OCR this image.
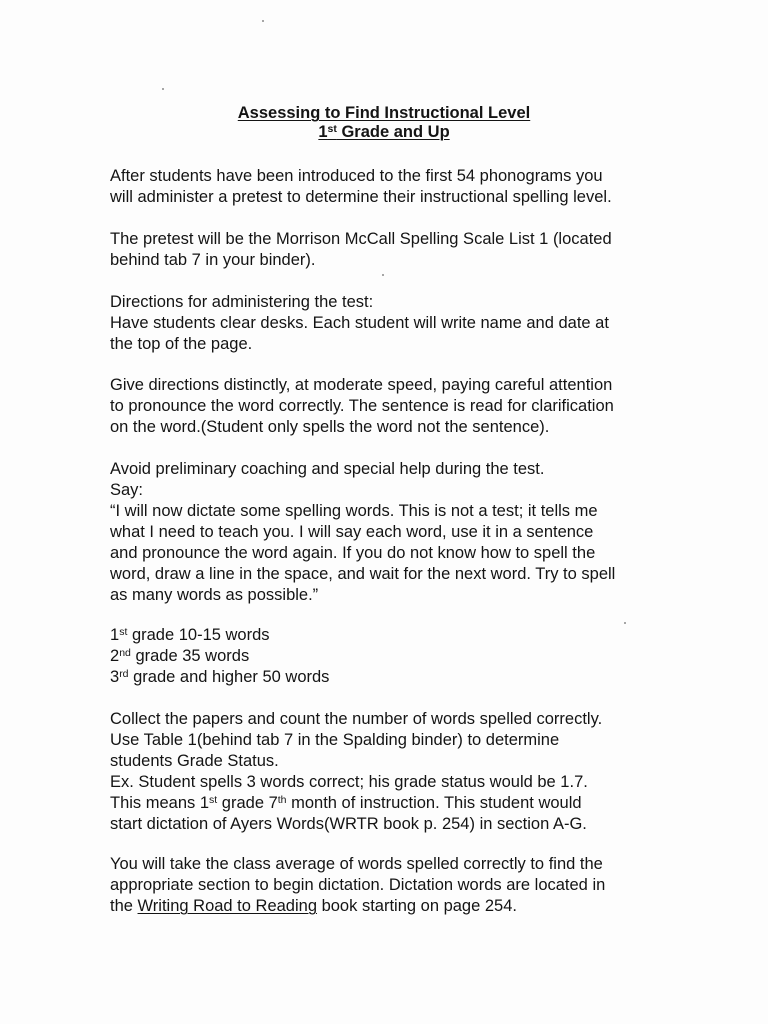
Assessing to Find Instructional Level
1st Grade and Up
After students have been introduced to the first 54 phonograms you
will administer a pretest to determine their instructional spelling level.
The pretest will be the Morrison McCall Spelling Scale List 1 (located
behind tab 7 in your binder).
Directions for administering the test:
Have students clear desks. Each student will write name and date at
the top of the page.
Give directions distinctly, at moderate speed, paying careful attention
to pronounce the word correctly. The sentence is read for clarification
on the word.(Student only spells the word not the sentence).
Avoid preliminary coaching and special help during the test.
Say:
“I will now dictate some spelling words. This is not a test; it tells me
what I need to teach you. I will say each word, use it in a sentence
and pronounce the word again. If you do not know how to spell the
word, draw a line in the space, and wait for the next word. Try to spell
as many words as possible.”
1st grade 10-15 words
2nd grade 35 words
3rd grade and higher 50 words
Collect the papers and count the number of words spelled correctly.
Use Table 1(behind tab 7 in the Spalding binder) to determine
students Grade Status.
Ex. Student spells 3 words correct; his grade status would be 1.7.
This means 1st grade 7th month of instruction. This student would
start dictation of Ayers Words(WRTR book p. 254) in section A-G.
You will take the class average of words spelled correctly to find the
appropriate section to begin dictation. Dictation words are located in
the Writing Road to Reading book starting on page 254.
